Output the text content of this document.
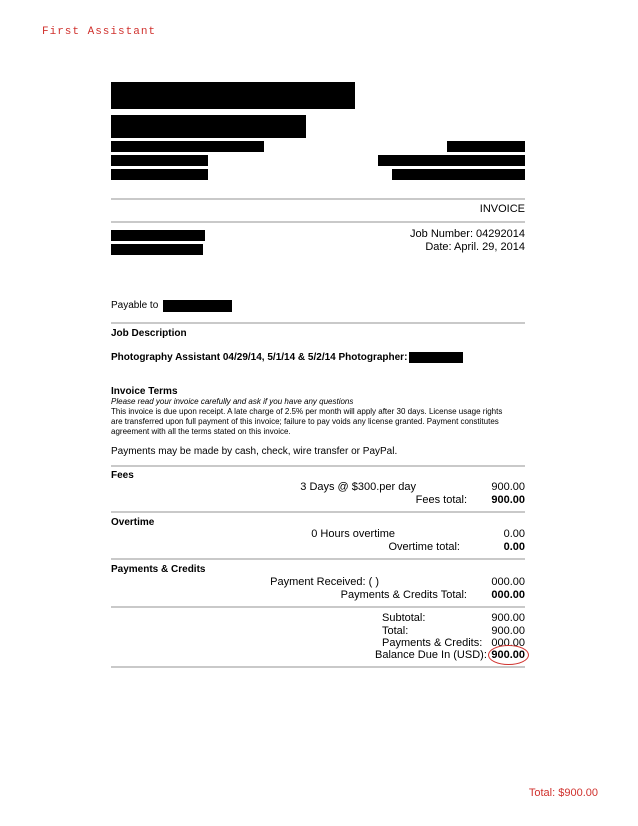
First Assistant
Total: $900.00
INVOICE
Job Number: 04292014
Date: April. 29, 2014
Payable to
Job Description
Photography Assistant 04/29/14, 5/1/14 & 5/2/14 Photographer:
Invoice Terms
Please read your invoice carefully and ask if you have any questions
This invoice is due upon receipt. A late charge of 2.5% per month will apply after 30 days. License usage rights
are transferred upon full payment of this invoice; failure to pay voids any license granted. Payment constitutes
agreement with all the terms stated on this invoice.
Payments may be made by cash, check, wire transfer or PayPal.
Fees
3 Days @ $300.per day	900.00
Fees total: 900.00
Overtime
0 Hours overtime	0.00
Overtime total:	0.00
Payments & Credits
Payment Received: ( )	000.00
Payments & Credits Total: 000.00
Subtotal:	900.00
Total:	900.00
Payments & Credits: 000.00
Balance Due In (USD): 900.00
